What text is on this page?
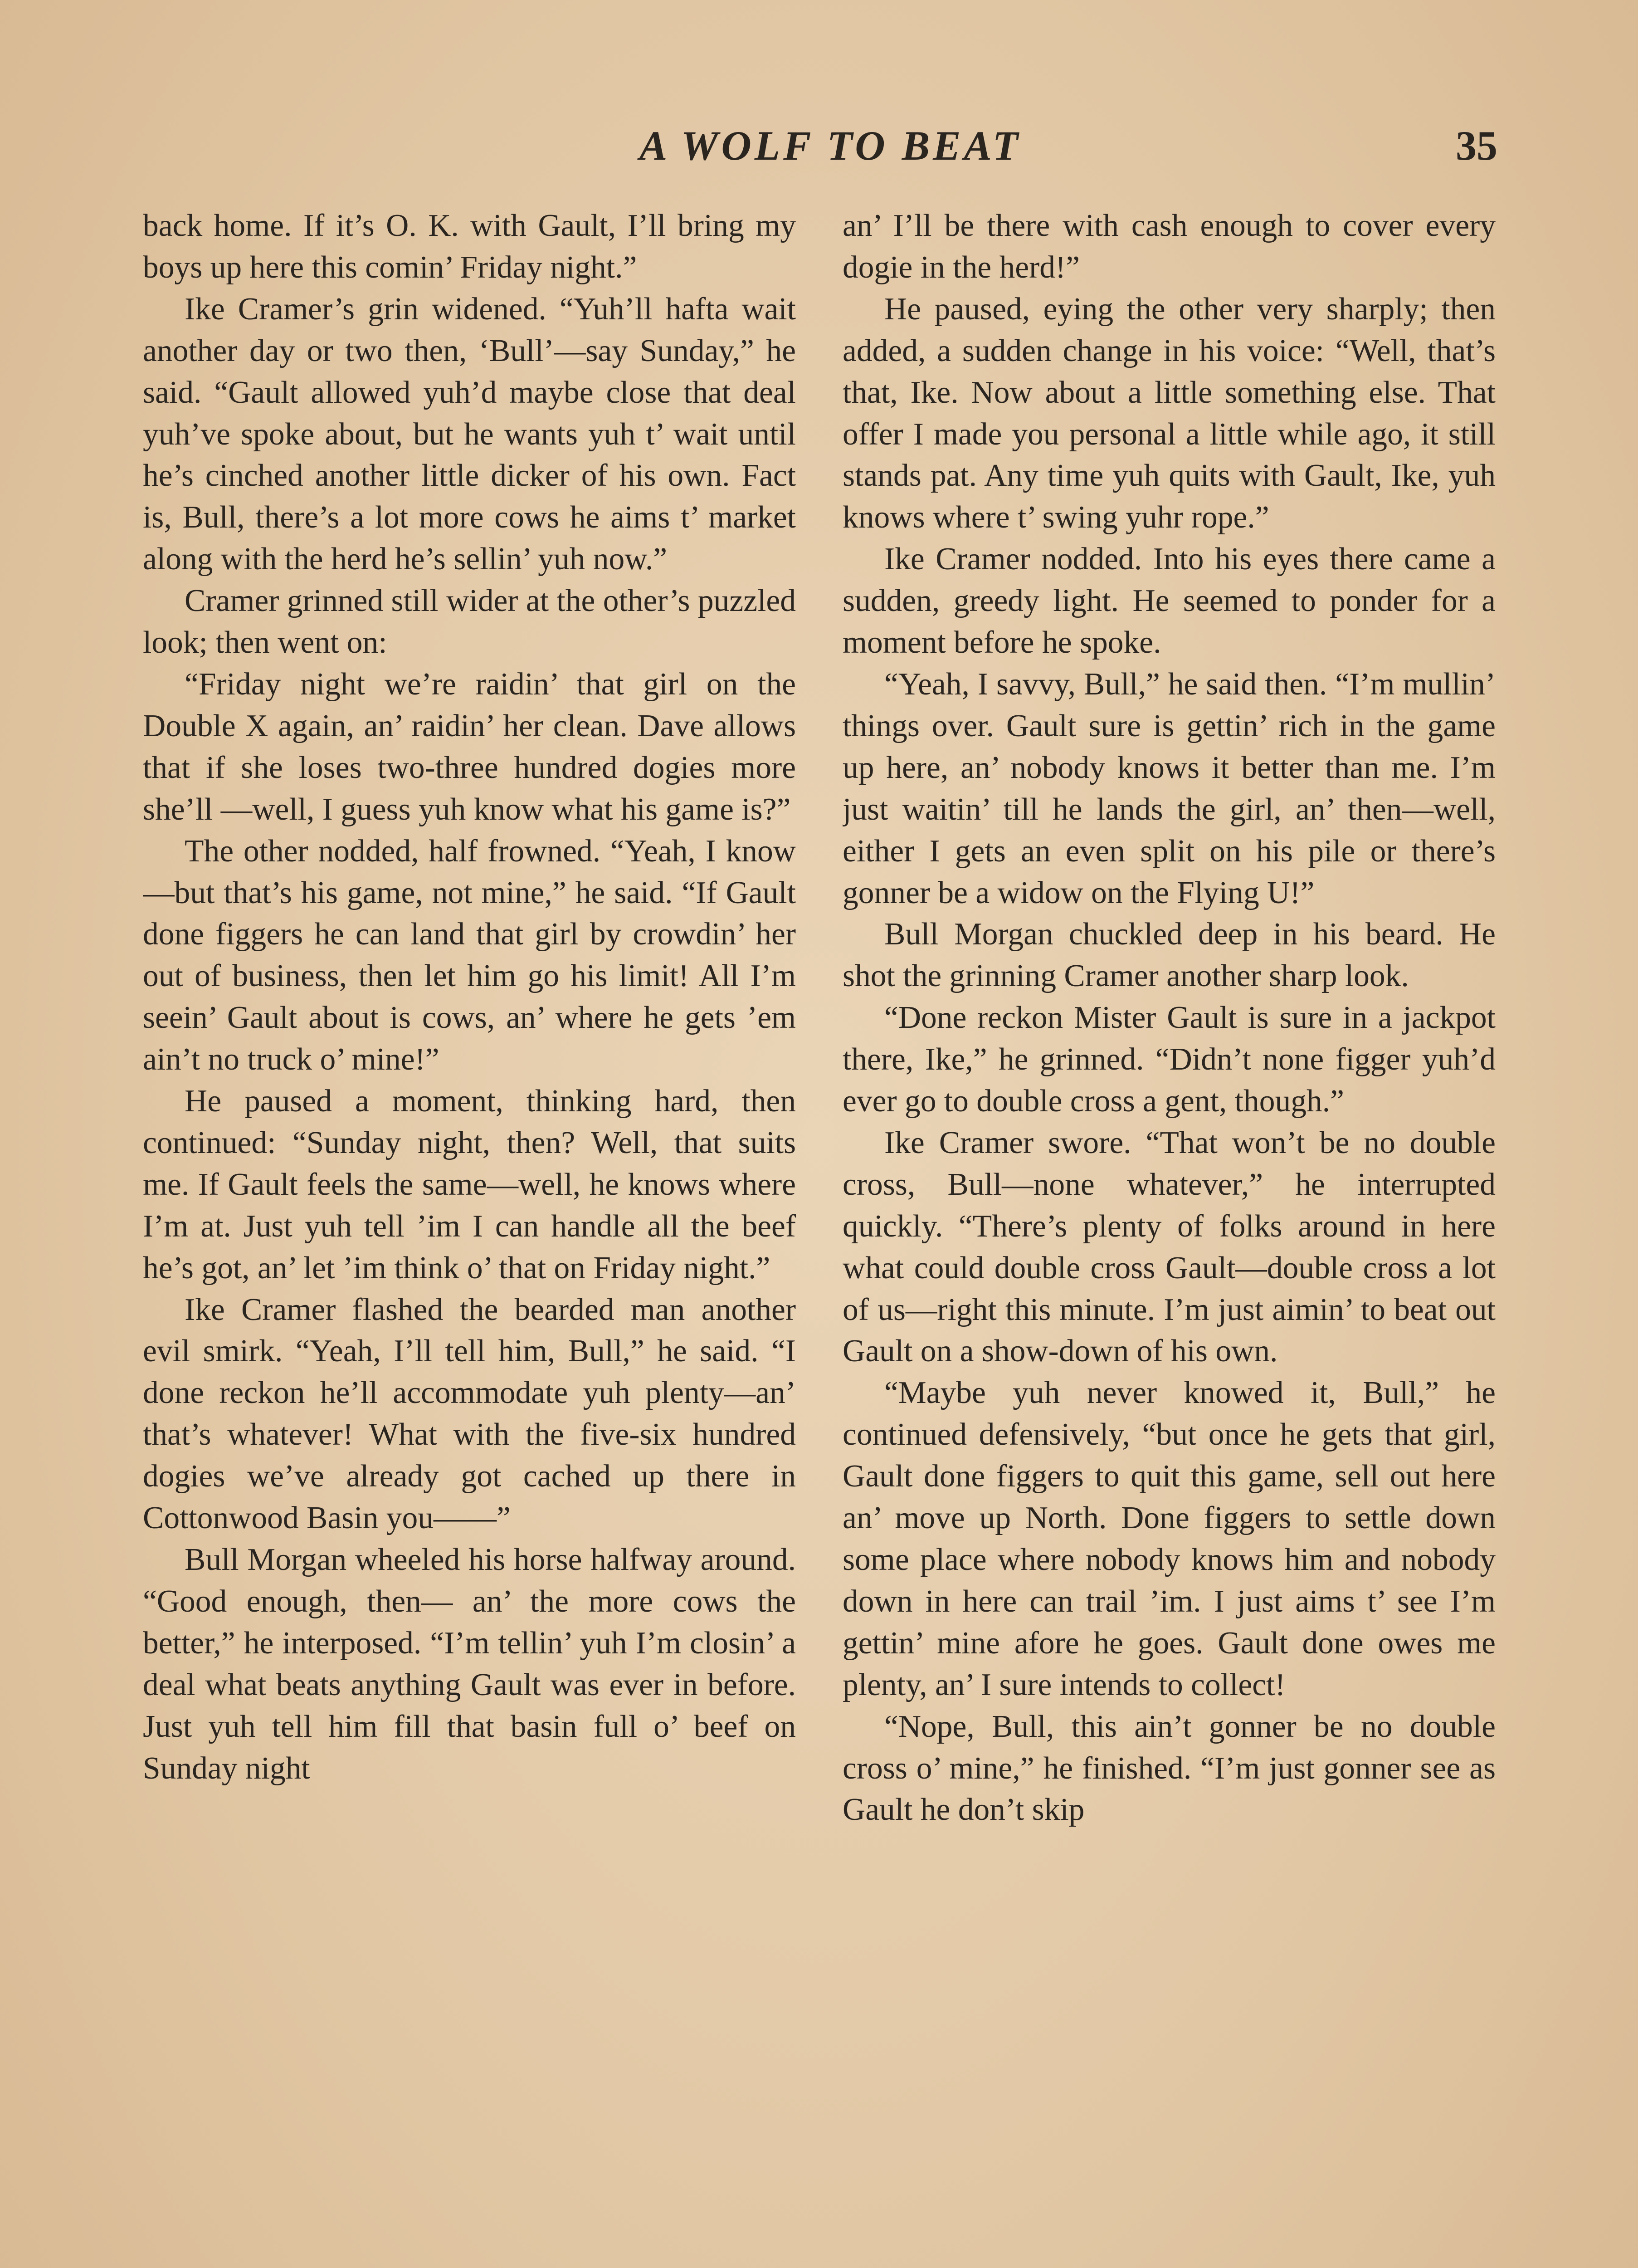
A WOLF TO BEAT	35

back home. If it’s O. K. with Gault, I’ll bring my boys up here this comin’ Friday night.”

Ike Cramer’s grin widened. “Yuh’ll hafta wait another day or two then, ‘Bull’—say Sunday,” he said. “Gault allowed yuh’d maybe close that deal yuh’ve spoke about, but he wants yuh t’ wait until he’s cinched another little dicker of his own. Fact is, Bull, there’s a lot more cows he aims t’ market along with the herd he’s sellin’ yuh now.”

Cramer grinned still wider at the other’s puzzled look; then went on:

“Friday night we’re raidin’ that girl on the Double X again, an’ raidin’ her clean. Dave allows that if she loses two-three hundred dogies more she’ll —well, I guess yuh know what his game is?”

The other nodded, half frowned. “Yeah, I know—but that’s his game, not mine,” he said. “If Gault done figgers he can land that girl by crowdin’ her out of business, then let him go his limit! All I’m seein’ Gault about is cows, an’ where he gets ’em ain’t no truck o’ mine!”

He paused a moment, thinking hard, then continued: “Sunday night, then? Well, that suits me. If Gault feels the same—well, he knows where I’m at. Just yuh tell ’im I can handle all the beef he’s got, an’ let ’im think o’ that on Friday night.”

Ike Cramer flashed the bearded man another evil smirk. “Yeah, I’ll tell him, Bull,” he said. “I done reckon he’ll accommodate yuh plenty—an’ that’s whatever! What with the five-six hundred dogies we’ve already got cached up there in Cottonwood Basin you——”

Bull Morgan wheeled his horse halfway around. “Good enough, then— an’ the more cows the better,” he interposed. “I’m tellin’ yuh I’m closin’ a deal what beats anything Gault was ever in before. Just yuh tell him fill that basin full o’ beef on Sunday night

an’ I’ll be there with cash enough to cover every dogie in the herd!”

He paused, eying the other very sharply; then added, a sudden change in his voice: “Well, that’s that, Ike. Now about a little something else. That offer I made you personal a little while ago, it still stands pat. Any time yuh quits with Gault, Ike, yuh knows where t’ swing yuhr rope.”

Ike Cramer nodded. Into his eyes there came a sudden, greedy light. He seemed to ponder for a moment before he spoke.

“Yeah, I savvy, Bull,” he said then. “I’m mullin’ things over. Gault sure is gettin’ rich in the game up here, an’ nobody knows it better than me. I’m just waitin’ till he lands the girl, an’ then—well, either I gets an even split on his pile or there’s gonner be a widow on the Flying U!”

Bull Morgan chuckled deep in his beard. He shot the grinning Cramer another sharp look.

“Done reckon Mister Gault is sure in a jackpot there, Ike,” he grinned. “Didn’t none figger yuh’d ever go to double cross a gent, though.”

Ike Cramer swore. “That won’t be no double cross, Bull—none whatever,” he interrupted quickly. “There’s plenty of folks around in here what could double cross Gault—double cross a lot of us—right this minute. I’m just aimin’ to beat out Gault on a show-down of his own.

“Maybe yuh never knowed it, Bull,” he continued defensively, “but once he gets that girl, Gault done figgers to quit this game, sell out here an’ move up North. Done figgers to settle down some place where nobody knows him and nobody down in here can trail ’im. I just aims t’ see I’m gettin’ mine afore he goes. Gault done owes me plenty, an’ I sure intends to collect!

“Nope, Bull, this ain’t gonner be no double cross o’ mine,” he finished. “I’m just gonner see as Gault he don’t skip
